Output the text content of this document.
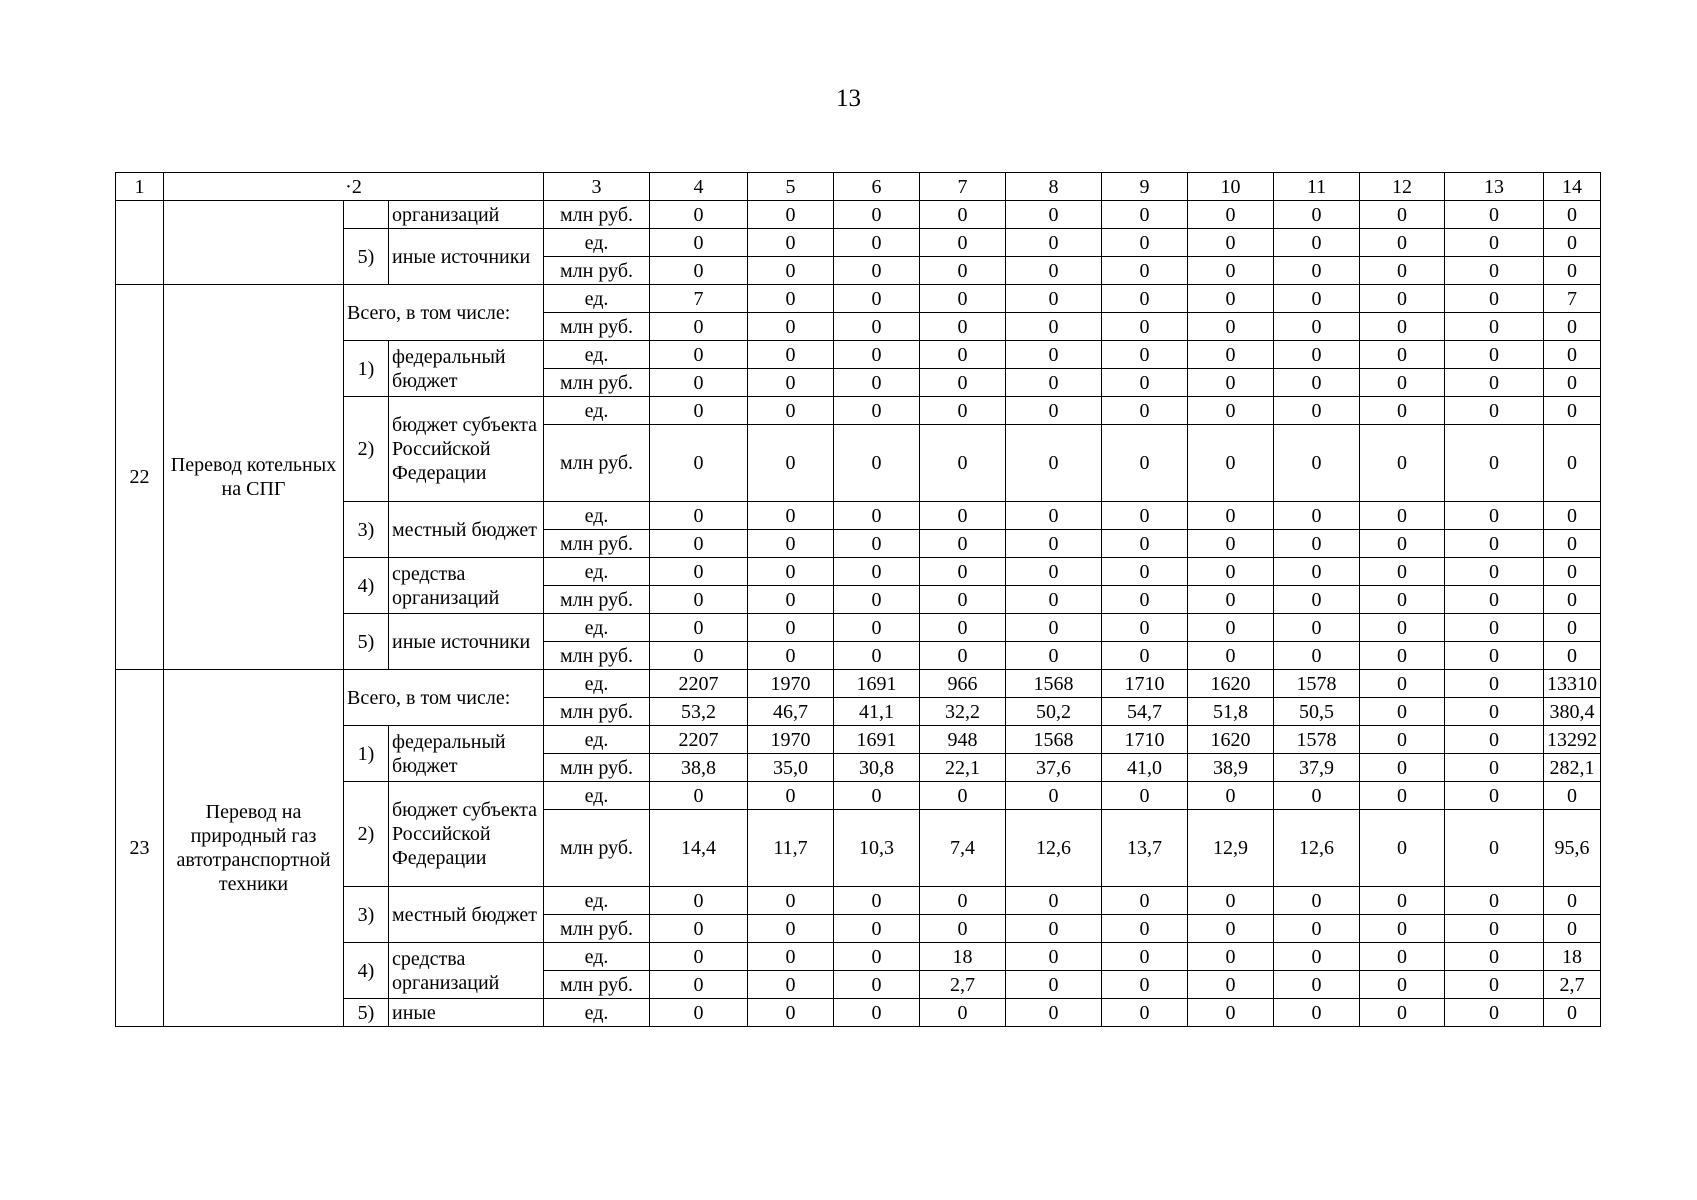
13
1	·2			3	4	5	6	7	8	9	10	11	12	13	14
			организаций	млн руб.	0	0	0	0	0	0	0	0	0	0	0
		5)	иные источники	ед.	0	0	0	0	0	0	0	0	0	0	0
				млн руб.	0	0	0	0	0	0	0	0	0	0	0
22	Перевод котельных на СПГ	Всего, в том числе:		ед.	7	0	0	0	0	0	0	0	0	0	7
				млн руб.	0	0	0	0	0	0	0	0	0	0	0
		1)	федеральный бюджет	ед.	0	0	0	0	0	0	0	0	0	0	0
				млн руб.	0	0	0	0	0	0	0	0	0	0	0
		2)	бюджет субъекта Российской Федерации	ед.	0	0	0	0	0	0	0	0	0	0	0
				млн руб.	0	0	0	0	0	0	0	0	0	0	0
		3)	местный бюджет	ед.	0	0	0	0	0	0	0	0	0	0	0
				млн руб.	0	0	0	0	0	0	0	0	0	0	0
		4)	средства организаций	ед.	0	0	0	0	0	0	0	0	0	0	0
				млн руб.	0	0	0	0	0	0	0	0	0	0	0
		5)	иные источники	ед.	0	0	0	0	0	0	0	0	0	0	0
				млн руб.	0	0	0	0	0	0	0	0	0	0	0
23	Перевод на природный газ автотранспортной техники	Всего, в том числе:		ед.	2207	1970	1691	966	1568	1710	1620	1578	0	0	13310
				млн руб.	53,2	46,7	41,1	32,2	50,2	54,7	51,8	50,5	0	0	380,4
		1)	федеральный бюджет	ед.	2207	1970	1691	948	1568	1710	1620	1578	0	0	13292
				млн руб.	38,8	35,0	30,8	22,1	37,6	41,0	38,9	37,9	0	0	282,1
		2)	бюджет субъекта Российской Федерации	ед.	0	0	0	0	0	0	0	0	0	0	0
				млн руб.	14,4	11,7	10,3	7,4	12,6	13,7	12,9	12,6	0	0	95,6
		3)	местный бюджет	ед.	0	0	0	0	0	0	0	0	0	0	0
				млн руб.	0	0	0	0	0	0	0	0	0	0	0
		4)	средства организаций	ед.	0	0	0	18	0	0	0	0	0	0	18
				млн руб.	0	0	0	2,7	0	0	0	0	0	0	2,7
		5)	иные	ед.	0	0	0	0	0	0	0	0	0	0	0
